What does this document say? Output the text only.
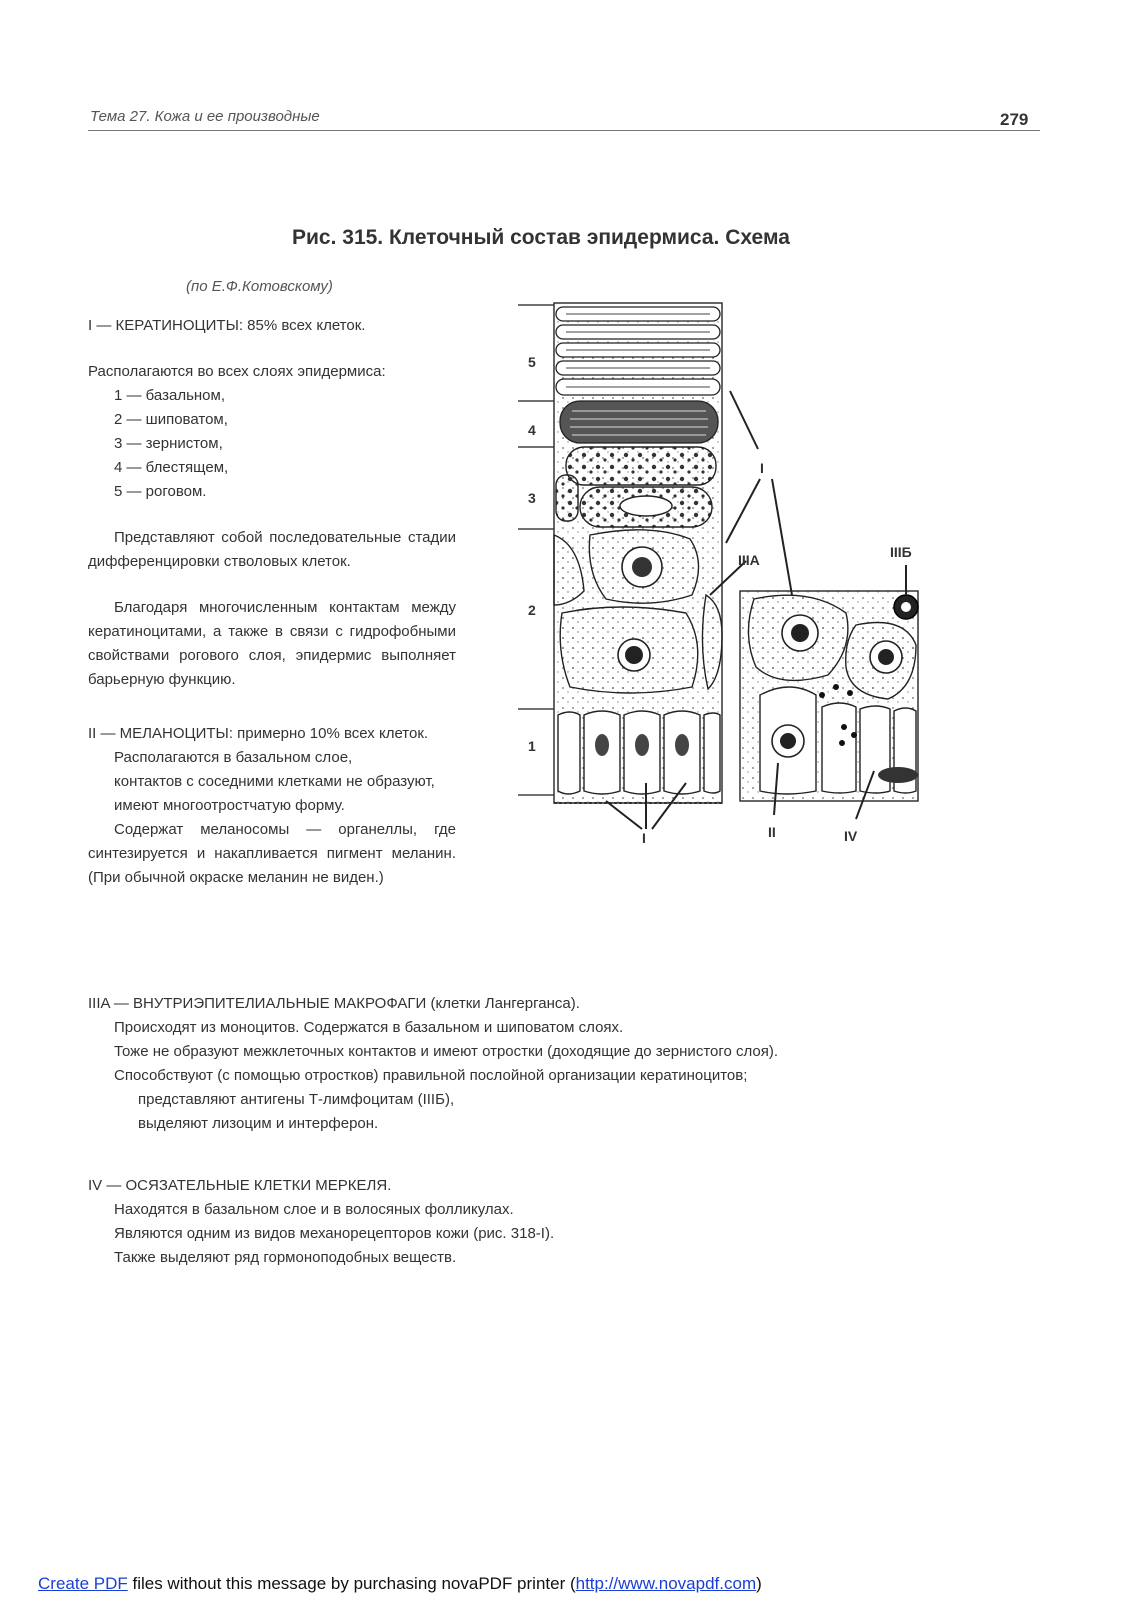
Тема 27. Кожа и ее производные	279
Рис. 315. Клеточный состав эпидермиса. Схема
(по Е.Ф.Котовскому)

I — КЕРАТИНОЦИТЫ: 85% всех клеток.

Располагаются во всех слоях эпидермиса:

1 — базальном,

2 — шиповатом,

3 — зернистом,

4 — блестящем,

5 — роговом.

Представляют собой последовательные стадии дифференцировки стволовых клеток.

Благодаря многочисленным контактам между кератиноцитами, а также в связи с гидрофобными свойствами рогового слоя, эпидермис выполняет барьерную функцию.

II — МЕЛАНОЦИТЫ: примерно 10% всех клеток.

Располагаются в базальном слое,

контактов с соседними клетками не образуют,

имеют многоотростчатую форму.

Содержат меланосомы — органеллы, где синтезируется и накапливается пигмент меланин. (При обычной окраске меланин не виден.)

5
4
3
2
1
I
IIIA	IIIБ
I	II	IV

IIIA — ВНУТРИЭПИТЕЛИАЛЬНЫЕ МАКРОФАГИ (клетки Лангерганса).

Происходят из моноцитов. Содержатся в базальном и шиповатом слоях.

Тоже не образуют межклеточных контактов и имеют отростки (доходящие до зернистого слоя).

Способствуют (с помощью отростков) правильной послойной организации кератиноцитов;

представляют антигены Т-лимфоцитам (IIIБ),

выделяют лизоцим и интерферон.

IV — ОСЯЗАТЕЛЬНЫЕ КЛЕТКИ МЕРКЕЛЯ.

Находятся в базальном слое и в волосяных фолликулах.

Являются одним из видов механорецепторов кожи (рис. 318-I).

Также выделяют ряд гормоноподобных веществ.

Create PDF files without this message by purchasing novaPDF printer (http://www.novapdf.com)
